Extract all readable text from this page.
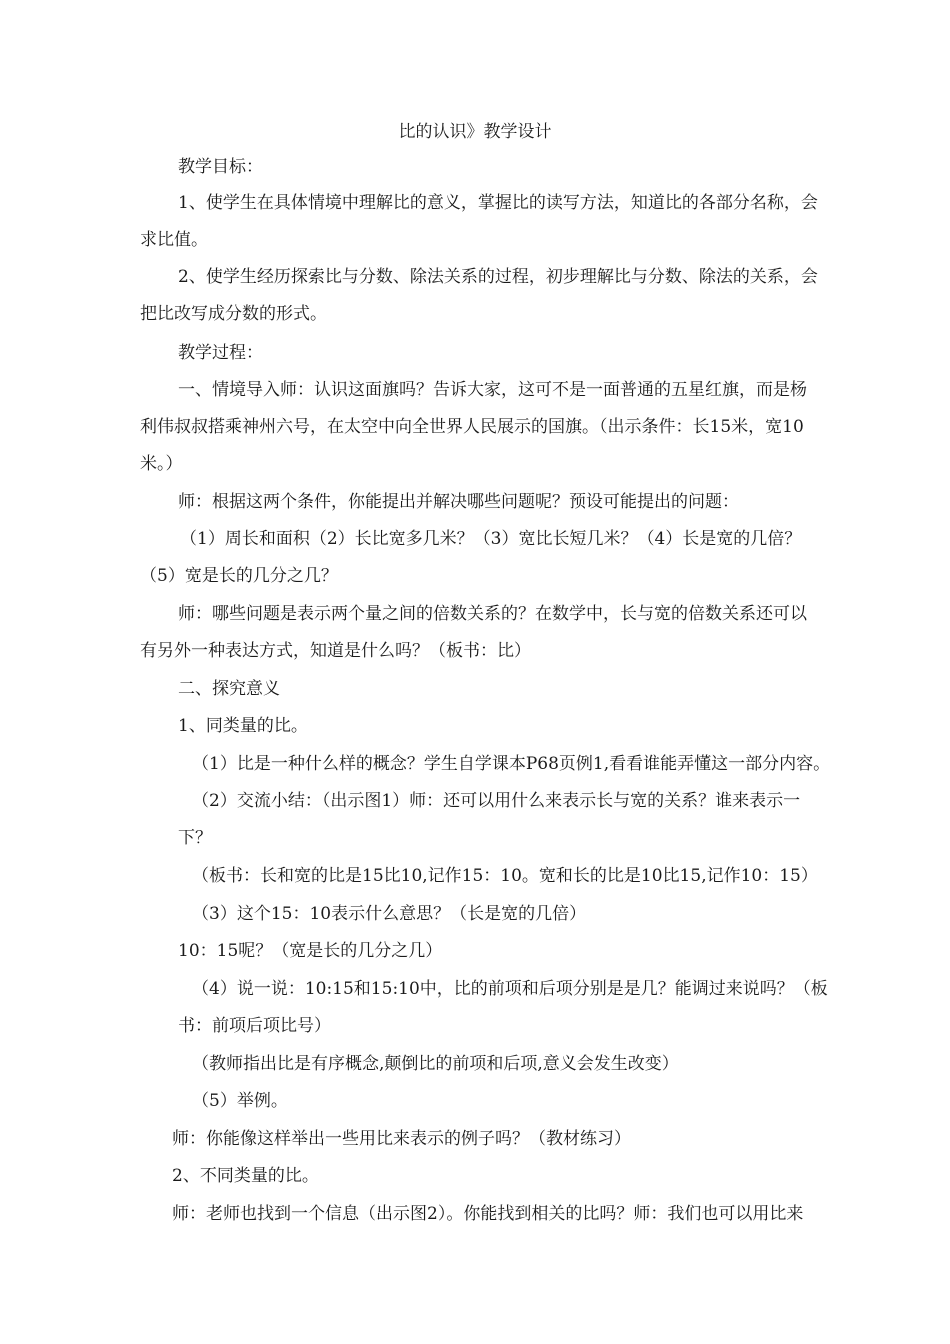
比的认识》教学设计

教学目标：

1、使学生在具体情境中理解比的意义，掌握比的读写方法，知道比的各部分名称，会

求比值。

2、使学生经历探索比与分数、除法关系的过程，初步理解比与分数、除法的关系，会

把比改写成分数的形式。

教学过程：

一、情境导入师：认识这面旗吗？告诉大家，这可不是一面普通的五星红旗，而是杨

利伟叔叔搭乘神州六号，在太空中向全世界人民展示的国旗。（出示条件：长15米，宽10

米。）

师：根据这两个条件，你能提出并解决哪些问题呢？预设可能提出的问题：

（1）周长和面积（2）长比宽多几米？（3）宽比长短几米？（4）长是宽的几倍？

（5）宽是长的几分之几？

师：哪些问题是表示两个量之间的倍数关系的？在数学中，长与宽的倍数关系还可以

有另外一种表达方式，知道是什么吗？（板书：比）

二、探究意义

1、同类量的比。

（1）比是一种什么样的概念？学生自学课本P68页例1,看看谁能弄懂这一部分内容。

（2）交流小结：（出示图1）师：还可以用什么来表示长与宽的关系？谁来表示一

下？

（板书：长和宽的比是15比10,记作15：10。宽和长的比是10比15,记作10：15）

（3）这个15：10表示什么意思？（长是宽的几倍）

10：15呢？（宽是长的几分之几）

（4）说一说：10:15和15:10中，比的前项和后项分别是是几？能调过来说吗？（板

书：前项后项比号）

（教师指出比是有序概念,颠倒比的前项和后项,意义会发生改变）

（5）举例。

师：你能像这样举出一些用比来表示的例子吗？（教材练习）

2、不同类量的比。

师：老师也找到一个信息（出示图2）。你能找到相关的比吗？师：我们也可以用比来
